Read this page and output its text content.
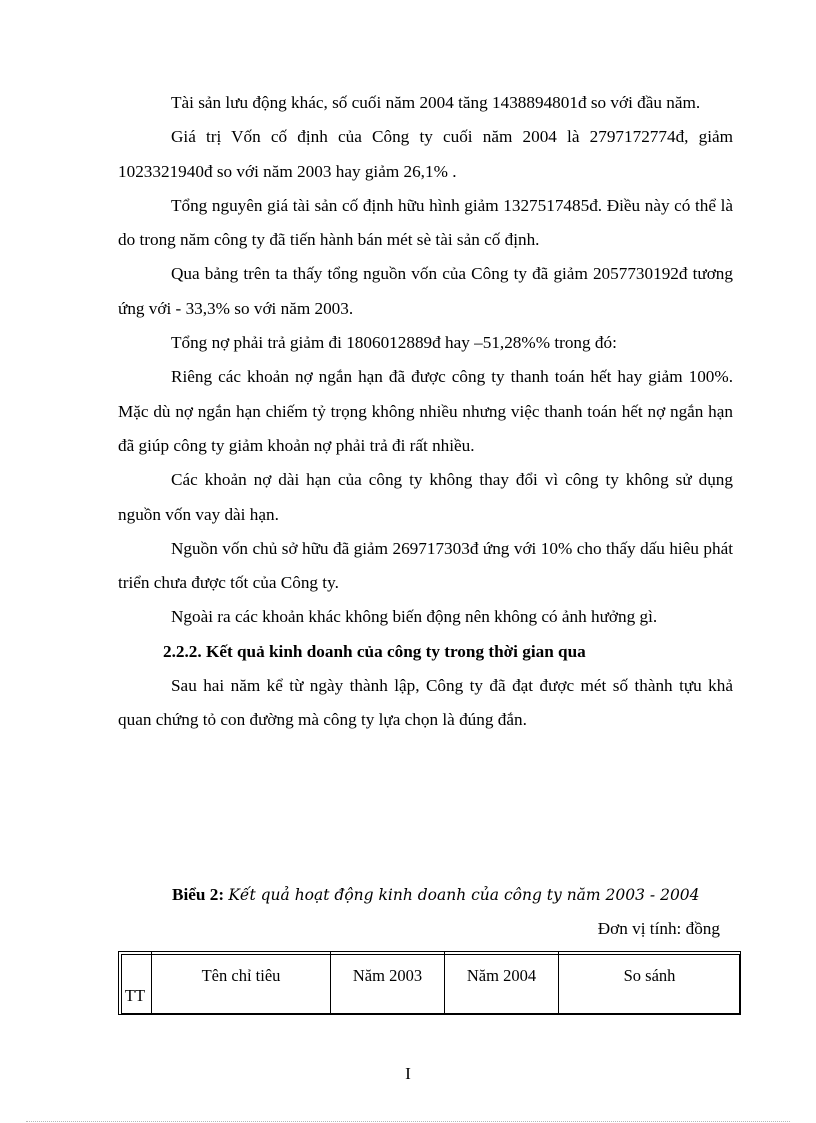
Tài sản lưu động khác, số cuối năm 2004 tăng 1438894801đ so với đầu năm.

Giá trị Vốn cố định của Công ty cuối năm 2004 là 2797172774đ, giảm 1023321940đ so với năm 2003 hay giảm 26,1% .

Tổng nguyên giá tài sản cố định hữu hình giảm 1327517485đ. Điều này có thể là do trong năm công ty đã tiến hành bán mét sè tài sản cố định.

Qua bảng trên ta thấy tổng nguồn vốn của Công ty đã giảm 2057730192đ tương ứng với - 33,3% so với năm 2003.

Tổng nợ phải trả giảm đi 1806012889đ hay –51,28%% trong đó:

Riêng các khoản nợ ngắn hạn đã được công ty thanh toán hết hay giảm 100%. Mặc dù nợ ngắn hạn chiếm tỷ trọng không nhiều nhưng việc thanh toán hết nợ ngắn hạn đã giúp công ty giảm khoản nợ phải trả đi rất nhiều.

Các khoản nợ dài hạn của công ty không thay đổi vì công ty không sử dụng nguồn vốn vay dài hạn.

Nguồn vốn chủ sở hữu đã giảm 269717303đ ứng với 10% cho thấy dấu hiêu phát triển chưa được tốt của Công ty.

Ngoài ra các khoản khác không biến động nên không có ảnh hưởng gì.

2.2.2. Kết quả kinh doanh của công ty trong thời gian qua

Sau hai năm kể từ ngày thành lập, Công ty đã đạt được mét số thành tựu khả quan chứng tỏ con đường mà công ty lựa chọn là đúng đắn.

Biểu 2: Kết quả hoạt động kinh doanh của công ty năm 2003 - 2004
Đơn vị tính: đồng
TT	Tên chỉ tiêu	Năm 2003	Năm 2004	So sánh
I
